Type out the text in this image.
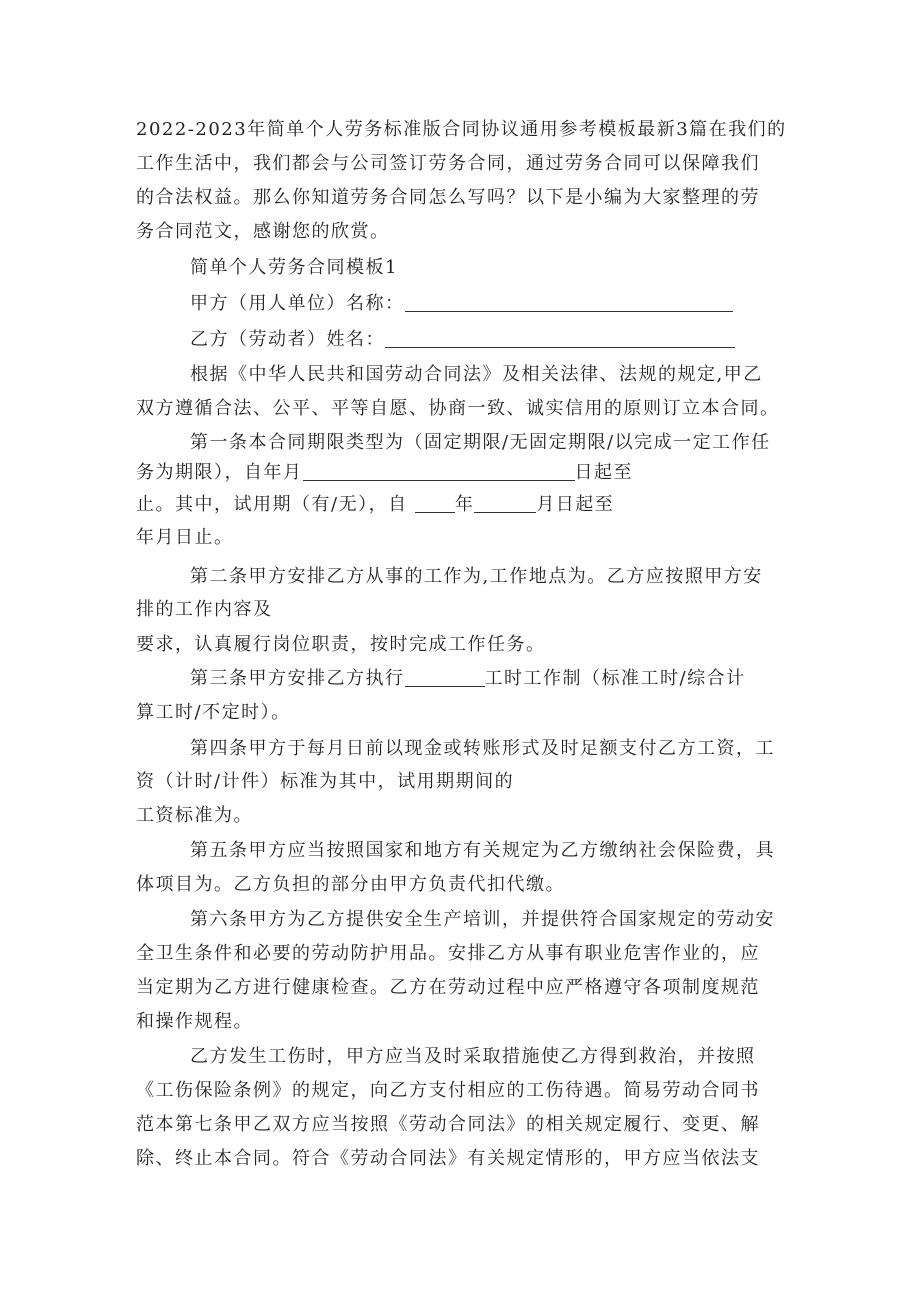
2022-2023年简单个人劳务标准版合同协议通用参考模板最新3篇在我们的
工作生活中，我们都会与公司签订劳务合同，通过劳务合同可以保障我们
的合法权益。那么你知道劳务合同怎么写吗？以下是小编为大家整理的劳
务合同范文，感谢您的欣赏。
简单个人劳务合同模板1
甲方（用人单位）名称：
乙方（劳动者）姓名：
根据《中华人民共和国劳动合同法》及相关法律、法规的规定,甲乙
双方遵循合法、公平、平等自愿、协商一致、诚实信用的原则订立本合同。
第一条本合同期限类型为（固定期限/无固定期限/以完成一定工作任
务为期限），自年月	日起至
止。其中，试用期（有/无），自	年	月日起至
年月日止。
第二条甲方安排乙方从事的工作为,工作地点为。乙方应按照甲方安
排的工作内容及
要求，认真履行岗位职责，按时完成工作任务。
第三条甲方安排乙方执行	工时工作制（标准工时/综合计
算工时/不定时）。
第四条甲方于每月日前以现金或转账形式及时足额支付乙方工资，工
资（计时/计件）标准为其中，试用期期间的
工资标准为。
第五条甲方应当按照国家和地方有关规定为乙方缴纳社会保险费，具
体项目为。乙方负担的部分由甲方负责代扣代缴。
第六条甲方为乙方提供安全生产培训，并提供符合国家规定的劳动安
全卫生条件和必要的劳动防护用品。安排乙方从事有职业危害作业的，应
当定期为乙方进行健康检查。乙方在劳动过程中应严格遵守各项制度规范
和操作规程。
乙方发生工伤时，甲方应当及时采取措施使乙方得到救治，并按照
《工伤保险条例》的规定，向乙方支付相应的工伤待遇。简易劳动合同书
范本第七条甲乙双方应当按照《劳动合同法》的相关规定履行、变更、解
除、终止本合同。符合《劳动合同法》有关规定情形的，甲方应当依法支
